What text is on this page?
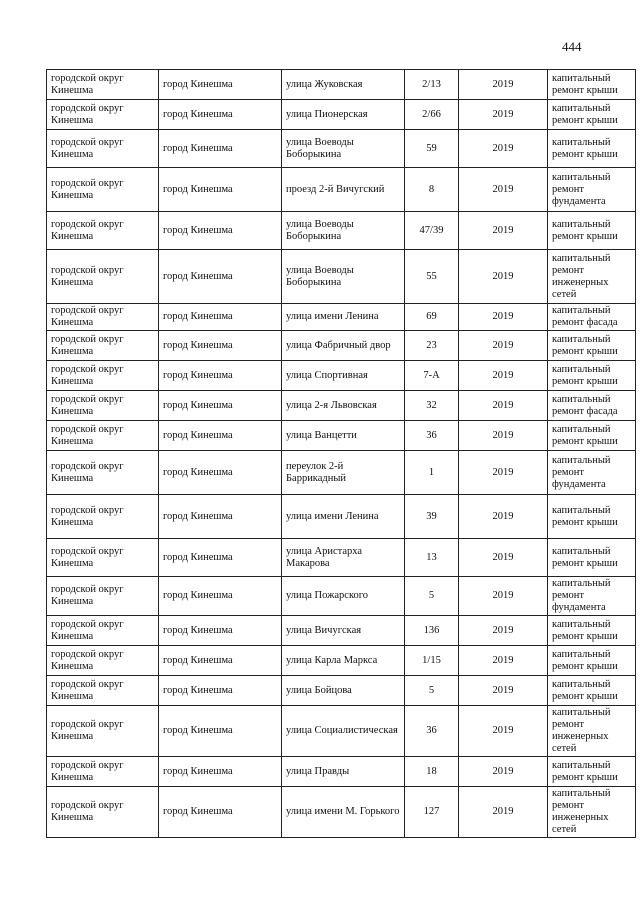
444
городской округ Кинешма	город Кинешма	улица Жуковская	2/13	2019	капитальный ремонт крыши
городской округ Кинешма	город Кинешма	улица Пионерская	2/66	2019	капитальный ремонт крыши
городской округ Кинешма	город Кинешма	улица Воеводы Боборыкина	59	2019	капитальный ремонт крыши
городской округ Кинешма	город Кинешма	проезд 2-й Вичугский	8	2019	капитальный ремонт фундамента
городской округ Кинешма	город Кинешма	улица Воеводы Боборыкина	47/39	2019	капитальный ремонт крыши
городской округ Кинешма	город Кинешма	улица Воеводы Боборыкина	55	2019	капитальный ремонт инженерных сетей
городской округ Кинешма	город Кинешма	улица имени Ленина	69	2019	капитальный ремонт фасада
городской округ Кинешма	город Кинешма	улица Фабричный двор	23	2019	капитальный ремонт крыши
городской округ Кинешма	город Кинешма	улица Спортивная	7-А	2019	капитальный ремонт крыши
городской округ Кинешма	город Кинешма	улица 2-я Львовская	32	2019	капитальный ремонт фасада
городской округ Кинешма	город Кинешма	улица Ванцетти	36	2019	капитальный ремонт крыши
городской округ Кинешма	город Кинешма	переулок 2-й Баррикадный	1	2019	капитальный ремонт фундамента
городской округ Кинешма	город Кинешма	улица имени Ленина	39	2019	капитальный ремонт крыши
городской округ Кинешма	город Кинешма	улица Аристарха Макарова	13	2019	капитальный ремонт крыши
городской округ Кинешма	город Кинешма	улица Пожарского	5	2019	капитальный ремонт фундамента
городской округ Кинешма	город Кинешма	улица Вичугская	136	2019	капитальный ремонт крыши
городской округ Кинешма	город Кинешма	улица Карла Маркса	1/15	2019	капитальный ремонт крыши
городской округ Кинешма	город Кинешма	улица Бойцова	5	2019	капитальный ремонт крыши
городской округ Кинешма	город Кинешма	улица Социалистическая	36	2019	капитальный ремонт инженерных сетей
городской округ Кинешма	город Кинешма	улица Правды	18	2019	капитальный ремонт крыши
городской округ Кинешма	город Кинешма	улица имени М. Горького	127	2019	капитальный ремонт инженерных сетей
